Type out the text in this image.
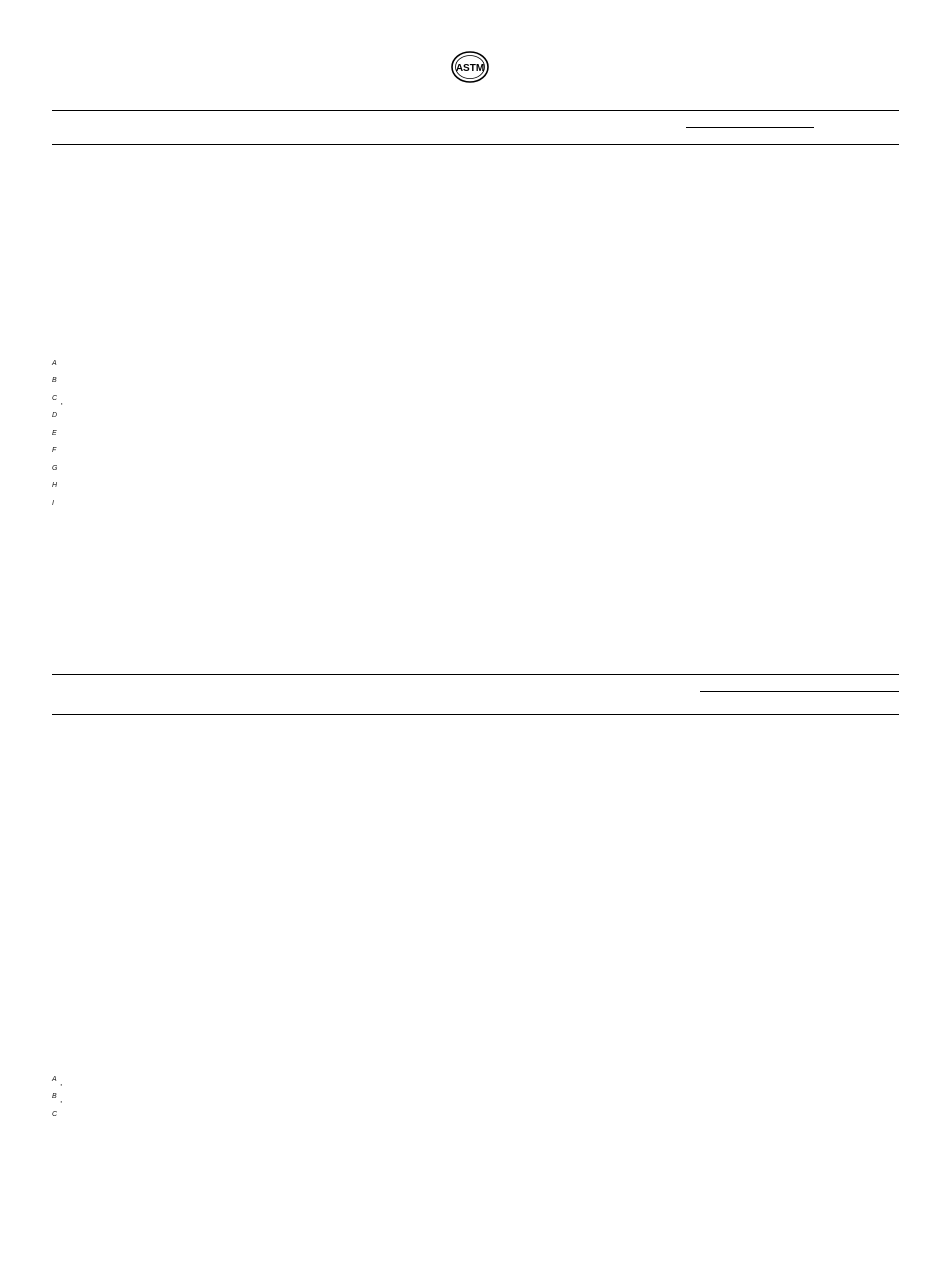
ASTM

$^A$

$^B$

$^C$ .

$^D$

$^E$

$^F$

$^G$

$^H$

$^I$

$^A$ .

$^B$ .

$^C$
